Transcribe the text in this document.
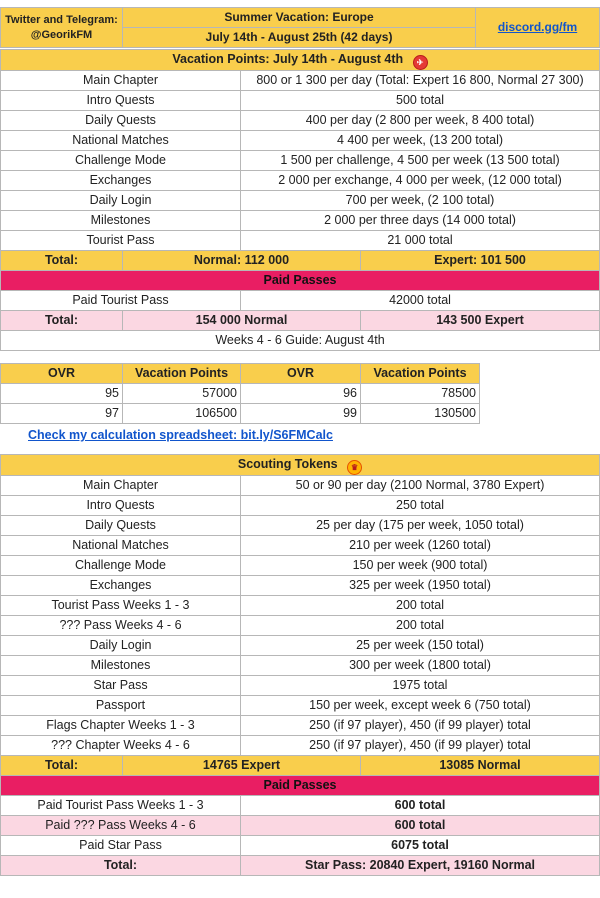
Twitter and Telegram:
@GeorikFM
	Summer Vacation: Europe	discord.gg/fm
July 14th - August 25th (42 days)
Vacation Points: July 14th - August 4th ✈			
Main Chapter		800 or 1 300 per day (Total: Expert 16 800, Normal 27 300)	
Intro Quests		500 total	
Daily Quests		400 per day (2 800 per week, 8 400 total)	
National Matches		4 400 per week, (13 200 total)	
Challenge Mode		1 500 per challenge, 4 500 per week (13 500 total)	
Exchanges		2 000 per exchange, 4 000 per week, (12 000 total)	
Daily Login		700 per week, (2 100 total)	
Milestones		2 000 per three days (14 000 total)	
Tourist Pass		21 000 total	
Total:	Normal: 112 000		Expert: 101 500
Paid Passes			
Paid Tourist Pass		42000 total	
Total:	154 000 Normal		143 500 Expert
Weeks 4 - 6 Guide: August 4th			
OVR	Vacation Points	OVR	Vacation Points
95	57000	96	78500
97	106500	99	130500
Check my calculation spreadsheet: bit.ly/S6FMCalc
Scouting Tokens ♛			
Main Chapter		50 or 90 per day (2100 Normal, 3780 Expert)	
Intro Quests		250 total	
Daily Quests		25 per day (175 per week, 1050 total)	
National Matches		210 per week (1260 total)	
Challenge Mode		150 per week (900 total)	
Exchanges		325 per week (1950 total)	
Tourist Pass Weeks 1 - 3		200 total	
??? Pass Weeks 4 - 6		200 total	
Daily Login		25 per week (150 total)	
Milestones		300 per week (1800 total)	
Star Pass		1975 total	
Passport		150 per week, except week 6 (750 total)	
Flags Chapter Weeks 1 - 3		250 (if 97 player), 450 (if 99 player) total	
??? Chapter Weeks 4 - 6		250 (if 97 player), 450 (if 99 player) total	
Total:	14765 Expert		13085 Normal
Paid Passes			
Paid Tourist Pass Weeks 1 - 3		600 total	
Paid ??? Pass Weeks 4 - 6		600 total	
Paid Star Pass		6075 total	
Total:		Star Pass: 20840 Expert, 19160 Normal	
